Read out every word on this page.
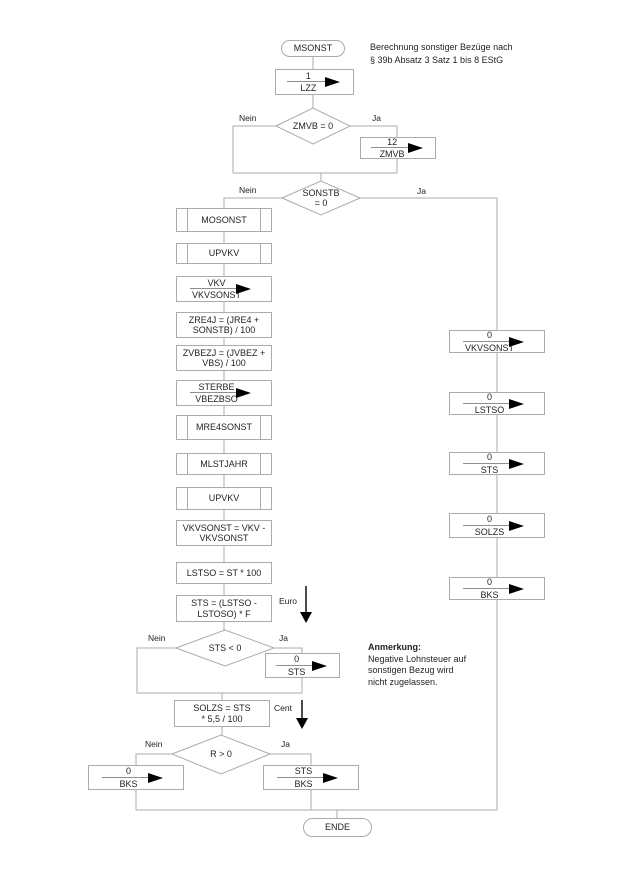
MSONST	Berechnung sonstiger Bezüge nach
§ 39b Absatz 3 Satz 1 bis 8 EStG
1
LZZ
ZMVB = 0
Nein	Ja
12
ZMVB
SONSTB
= 0
Nein	Ja
MOSONST
UPVKV
VKV
VKVSONST
ZRE4J = (JRE4 +
SONSTB) / 100
ZVBEZJ = (JVBEZ +
VBS) / 100
STERBE
VBEZBSO
MRE4SONST
MLSTJAHR
UPVKV
VKVSONST = VKV -
VKVSONST
LSTSO = ST * 100
STS = (LSTSO -
LSTOSO) * F
Euro
STS < 0
Nein	Ja
0
STS
Anmerkung:
Negative Lohnsteuer auf
sonstigen Bezug wird
nicht zugelassen.
SOLZS = STS
* 5,5 / 100
Cent
R > 0
Nein	Ja
0
BKS
STS
BKS
0
VKVSONST
0
LSTSO
0
STS
0
SOLZS
0
BKS
ENDE
